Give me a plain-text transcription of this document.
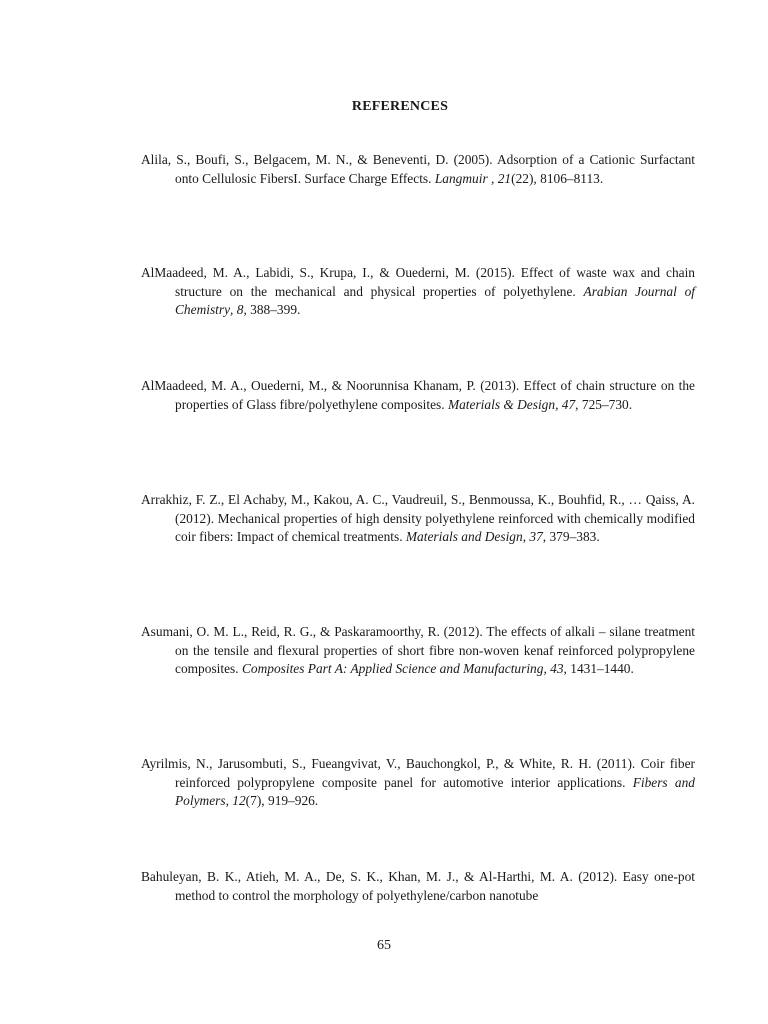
REFERENCES
Alila, S., Boufi, S., Belgacem, M. N., & Beneventi, D. (2005). Adsorption of a Cationic Surfactant onto Cellulosic FibersI. Surface Charge Effects. Langmuir , 21(22), 8106–8113.
AlMaadeed, M. A., Labidi, S., Krupa, I., & Ouederni, M. (2015). Effect of waste wax and chain structure on the mechanical and physical properties of polyethylene. Arabian Journal of Chemistry, 8, 388–399.
AlMaadeed, M. A., Ouederni, M., & Noorunnisa Khanam, P. (2013). Effect of chain structure on the properties of Glass fibre/polyethylene composites. Materials & Design, 47, 725–730.
Arrakhiz, F. Z., El Achaby, M., Kakou, A. C., Vaudreuil, S., Benmoussa, K., Bouhfid, R., … Qaiss, A. (2012). Mechanical properties of high density polyethylene reinforced with chemically modified coir fibers: Impact of chemical treatments. Materials and Design, 37, 379–383.
Asumani, O. M. L., Reid, R. G., & Paskaramoorthy, R. (2012). The effects of alkali – silane treatment on the tensile and flexural properties of short fibre non-woven kenaf reinforced polypropylene composites. Composites Part A: Applied Science and Manufacturing, 43, 1431–1440.
Ayrilmis, N., Jarusombuti, S., Fueangvivat, V., Bauchongkol, P., & White, R. H. (2011). Coir fiber reinforced polypropylene composite panel for automotive interior applications. Fibers and Polymers, 12(7), 919–926.
Bahuleyan, B. K., Atieh, M. A., De, S. K., Khan, M. J., & Al-Harthi, M. A. (2012). Easy one-pot method to control the morphology of polyethylene/carbon nanotube
65
